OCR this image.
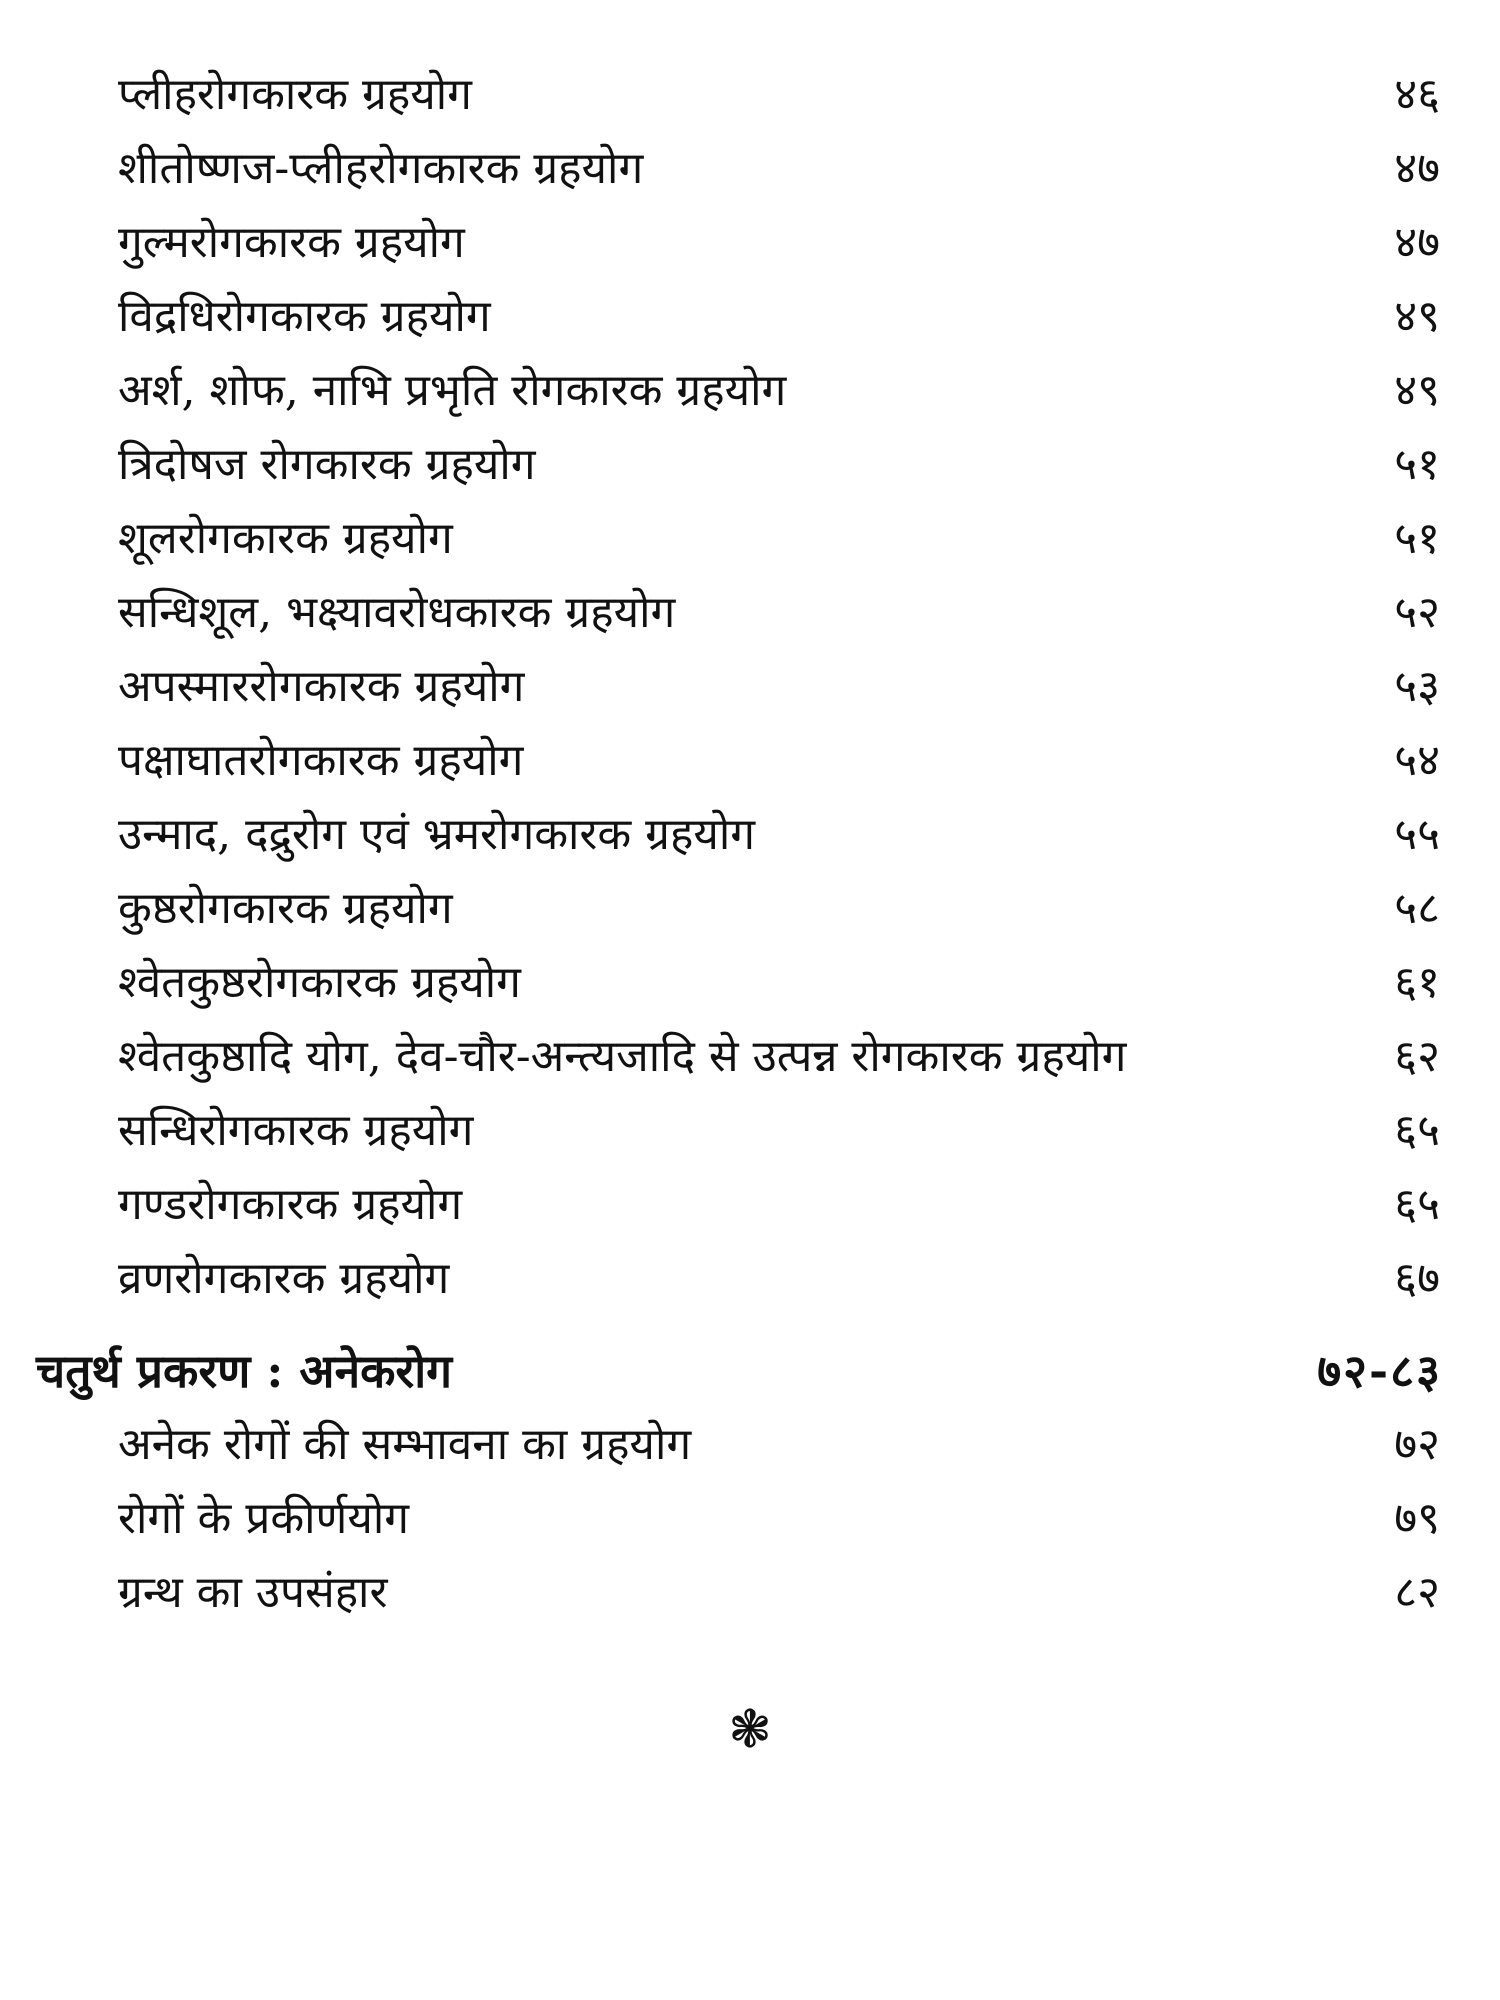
प्लीहरोगकारक ग्रहयोग	४६
शीतोष्णज-प्लीहरोगकारक ग्रहयोग	४७
गुल्मरोगकारक ग्रहयोग	४७
विद्रधिरोगकारक ग्रहयोग	४९
अर्श, शोफ, नाभि प्रभृति रोगकारक ग्रहयोग	४९
त्रिदोषज रोगकारक ग्रहयोग	५१
शूलरोगकारक ग्रहयोग	५१
सन्धिशूल, भक्ष्यावरोधकारक ग्रहयोग	५२
अपस्माररोगकारक ग्रहयोग	५३
पक्षाघातरोगकारक ग्रहयोग	५४
उन्माद, दद्रुरोग एवं भ्रमरोगकारक ग्रहयोग	५५
कुष्ठरोगकारक ग्रहयोग	५८
श्वेतकुष्ठरोगकारक ग्रहयोग	६१
श्वेतकुष्ठादि योग, देव-चौर-अन्त्यजादि से उत्पन्न रोगकारक ग्रहयोग	६२
सन्धिरोगकारक ग्रहयोग	६५
गण्डरोगकारक ग्रहयोग	६५
व्रणरोगकारक ग्रहयोग	६७
चतुर्थ प्रकरण : अनेकरोग	७२-८३
अनेक रोगों की सम्भावना का ग्रहयोग	७२
रोगों के प्रकीर्णयोग	७९
ग्रन्थ का उपसंहार	८२
❃
